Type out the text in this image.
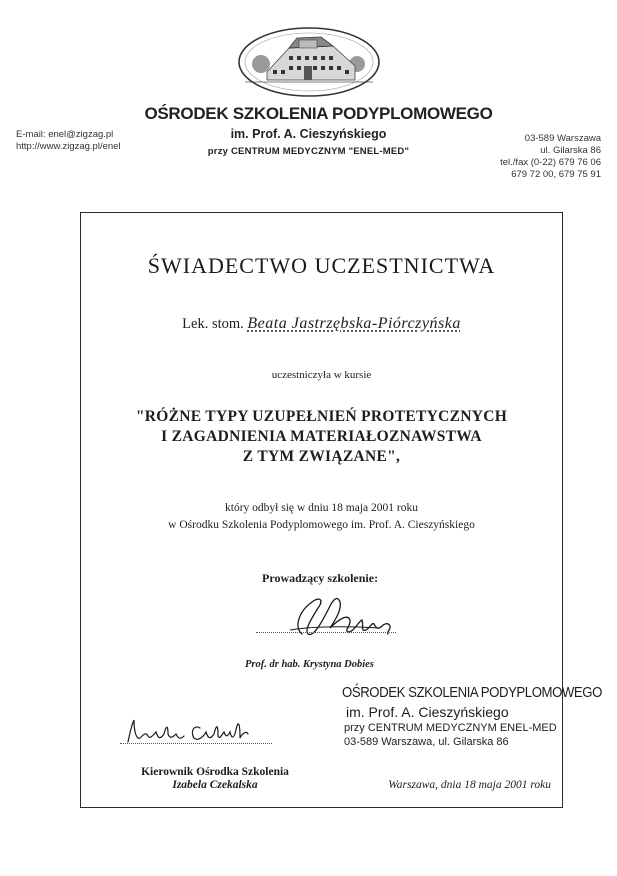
OŚRODEK SZKOLENIA PODYPLOMOWEGO
im. Prof. A. Cieszyńskiego
przy CENTRUM MEDYCZNYM "ENEL-MED"
E-mail: enel@zigzag.pl
http://www.zigzag.pl/enel
03-589 Warszawa
ul. Gilarska 86
tel./fax (0-22) 679 76 06
679 72 00, 679 75 91
ŚWIADECTWO UCZESTNICTWA
Lek. stom. Beata Jastrzębska-Piórczyńska
uczestniczyła w kursie
"RÓŻNE TYPY UZUPEŁNIEŃ PROTETYCZNYCH
I ZAGADNIENIA MATERIAŁOZNAWSTWA
Z TYM ZWIĄZANE",
który odbył się w dniu 18 maja 2001 roku
w Ośrodku Szkolenia Podyplomowego im. Prof. A. Cieszyńskiego
Prowadzący szkolenie:
Prof. dr hab. Krystyna Dobies
OŚRODEK SZKOLENIA PODYPLOMOWEGO
im. Prof. A. Cieszyńskiego
przy CENTRUM MEDYCZNYM ENEL-MED
03-589 Warszawa, ul. Gilarska 86
Kierownik Ośrodka Szkolenia
Izabela Czekalska	Warszawa, dnia 18 maja 2001 roku
